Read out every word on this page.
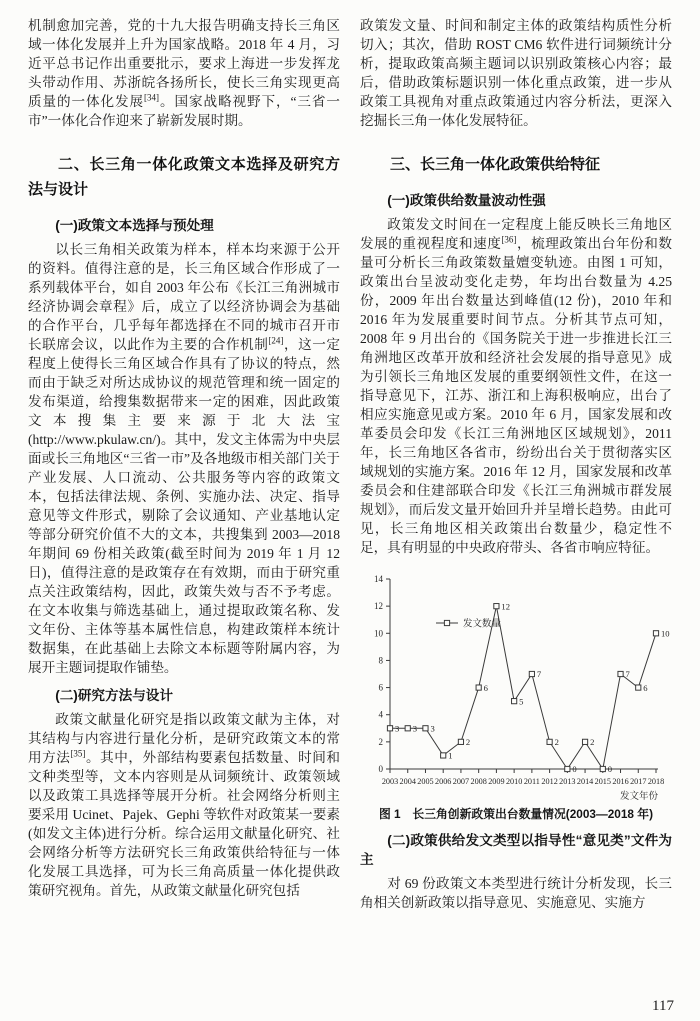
机制愈加完善，党的十九大报告明确支持长三角区域一体化发展并上升为国家战略。2018 年 4 月，习近平总书记作出重要批示，要求上海进一步发挥龙头带动作用、苏浙皖各扬所长，使长三角实现更高质量的一体化发展[34]。国家战略视野下，“三省一市”一体化合作迎来了崭新发展时期。

二、长三角一体化政策文本选择及研究方法与设计
(一)政策文本选择与预处理

以长三角相关政策为样本，样本均来源于公开的资料。值得注意的是，长三角区域合作形成了一系列载体平台，如自 2003 年公布《长江三角洲城市经济协调会章程》后，成立了以经济协调会为基础的合作平台，几乎每年都选择在不同的城市召开市长联席会议，以此作为主要的合作机制[24]，这一定程度上使得长三角区域合作具有了协议的特点，然而由于缺乏对所达成协议的规范管理和统一固定的发布渠道，给搜集数据带来一定的困难，因此政策文本搜集主要来源于北大法宝(http://www.pkulaw.cn/)。其中，发文主体需为中央层面或长三角地区“三省一市”及各地级市相关部门关于产业发展、人口流动、公共服务等内容的政策文本，包括法律法规、条例、实施办法、决定、指导意见等文件形式，剔除了会议通知、产业基地认定等部分研究价值不大的文本，共搜集到 2003—2018 年期间 69 份相关政策(截至时间为 2019 年 1 月 12 日)，值得注意的是政策存在有效期，而由于研究重点关注政策结构，因此，政策失效与否不予考虑。在文本收集与筛选基础上，通过提取政策名称、发文年份、主体等基本属性信息，构建政策样本统计数据集，在此基础上去除文本标题等附属内容，为展开主题词提取作铺垫。

(二)研究方法与设计

政策文献量化研究是指以政策文献为主体，对其结构与内容进行量化分析，是研究政策文本的常用方法[35]。其中，外部结构要素包括数量、时间和文种类型等，文本内容则是从词频统计、政策领域以及政策工具选择等展开分析。社会网络分析则主要采用 Ucinet、Pajek、Gephi 等软件对政策某一要素(如发文主体)进行分析。综合运用文献量化研究、社会网络分析等方法研究长三角政策供给特征与一体化发展工具选择，可为长三角高质量一体化提供政策研究视角。首先，从政策文献量化研究包括

政策发文量、时间和制定主体的政策结构质性分析切入；其次，借助 ROST CM6 软件进行词频统计分析，提取政策高频主题词以识别政策核心内容；最后，借助政策标题识别一体化重点政策，进一步从政策工具视角对重点政策通过内容分析法，更深入挖掘长三角一体化发展特征。

三、长三角一体化政策供给特征
(一)政策供给数量波动性强

政策发文时间在一定程度上能反映长三角地区发展的重视程度和速度[36]，梳理政策出台年份和数量可分析长三角政策数量嬗变轨迹。由图 1 可知，政策出台呈波动变化走势，年均出台数量为 4.25 份，2009 年出台数量达到峰值(12 份)，2010 年和 2016 年为发展重要时间节点。分析其节点可知，2008 年 9 月出台的《国务院关于进一步推进长江三角洲地区改革开放和经济社会发展的指导意见》成为引领长三角地区发展的重要纲领性文件，在这一指导意见下，江苏、浙江和上海积极响应，出台了相应实施意见或方案。2010 年 6 月，国家发展和改革委员会印发《长江三角洲地区区域规划》，2011 年，长三角地区各省市，纷纷出台关于贯彻落实区域规划的实施方案。2016 年 12 月，国家发展和改革委员会和住建部联合印发《长江三角洲城市群发展规划》，而后发文量开始回升并呈增长趋势。由此可见，长三角地区相关政策出台数量少，稳定性不足，具有明显的中央政府带头、各省市响应特征。

0
2
4
6
8
10
12
14
2003 2004 2005 2006 2007 2008 2009 2010 2011 2012 2013 2014 2015 2016 2017 2018
发文年份
3 3 3
1
2
6
12
5
7
2
0
2
0
7
6
10
发文数量
图 1　长三角创新政策出台数量情况(2003—2018 年)
(二)政策供给发文类型以指导性“意见类”文件为主

对 69 份政策文本类型进行统计分析发现，长三角相关创新政策以指导意见、实施意见、实施方

117
